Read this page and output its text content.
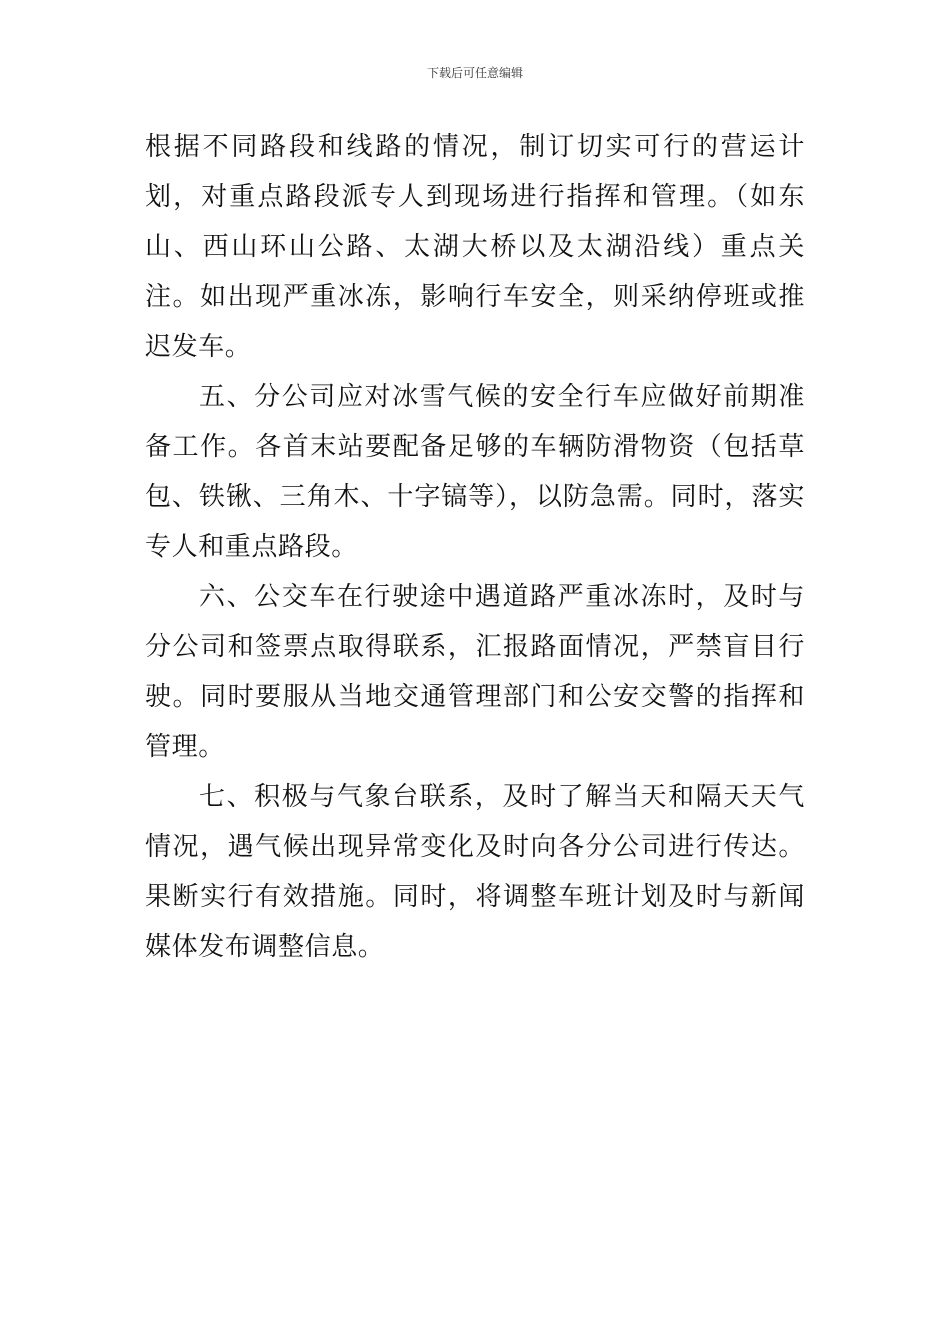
下载后可任意编辑

根据不同路段和线路的情况，制订切实可行的营运计划，对重点路段派专人到现场进行指挥和管理。（如东山、西山环山公路、太湖大桥以及太湖沿线）重点关注。如出现严重冰冻，影响行车安全，则采纳停班或推迟发车。

五、分公司应对冰雪气候的安全行车应做好前期准备工作。各首末站要配备足够的车辆防滑物资（包括草包、铁锹、三角木、十字镐等），以防急需。同时，落实专人和重点路段。

六、公交车在行驶途中遇道路严重冰冻时，及时与分公司和签票点取得联系，汇报路面情况，严禁盲目行驶。同时要服从当地交通管理部门和公安交警的指挥和管理。

七、积极与气象台联系，及时了解当天和隔天天气情况，遇气候出现异常变化及时向各分公司进行传达。果断实行有效措施。同时，将调整车班计划及时与新闻媒体发布调整信息。
